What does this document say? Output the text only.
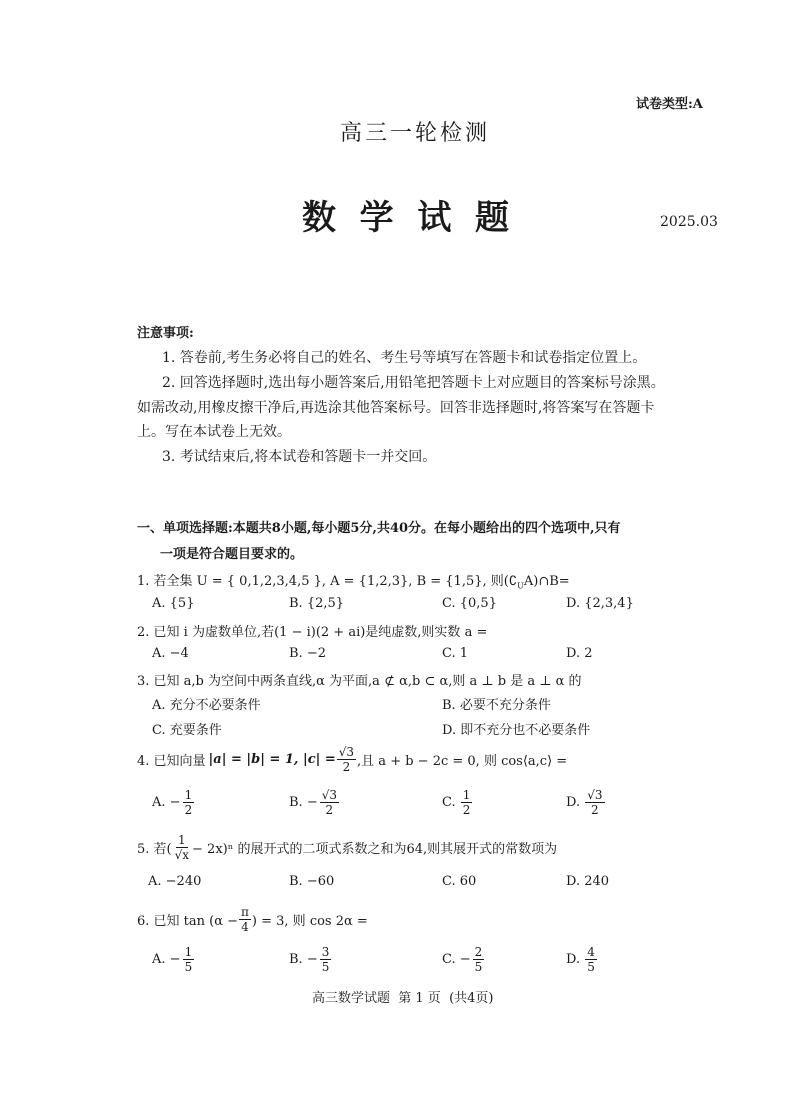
试卷类型:A
高三一轮检测
数  学  试  题	2025.03
注意事项:
1. 答卷前,考生务必将自己的姓名、考生号等填写在答题卡和试卷指定位置上。
2. 回答选择题时,选出每小题答案后,用铅笔把答题卡上对应题目的答案标号涂黑。
如需改动,用橡皮擦干净后,再选涂其他答案标号。回答非选择题时,将答案写在答题卡
上。写在本试卷上无效。
3. 考试结束后,将本试卷和答题卡一并交回。
一、单项选择题:本题共8小题,每小题5分,共40分。在每小题给出的四个选项中,只有
一项是符合题目要求的。
1. 若全集 U = { 0,1,2,3,4,5 }, A = {1,2,3}, B = {1,5}, 则$(∁_UA)\cap B=$
A. {5}	B. {2,5}	C. {0,5}	D. {2,3,4}
2. 已知 i 为虚数单位,若(1 − i)(2 + ai)是纯虚数,则实数 a =
A. −4	B. −2	C. 1	D. 2
3. 已知 a,b 为空间中两条直线,α 为平面,a ⊄ α,b ⊂ α,则 a ⊥ b 是 a ⊥ α 的
A. 充分不必要条件	B. 必要不充分条件
C. 充要条件	D. 即不充分也不必要条件
4. 已知向量 |a| = |b| = 1, $|c| = \frac{√3}{2}$ ,且 a + b − 2c = 0, 则 cos⟨a,c⟩ =
A.
− $\frac{1}{2}$	B.
− $\frac{√3}{2}$	C.
$\frac{1}{2}$	D.
$\frac{√3}{2}$
5. 若( $\frac{1}{√x} - 2x)^n$ 的展开式的二项式系数之和为64,则其展开式的常数项为
A. −240	B. −60	C. 60	D. 240
6. 已知 $\tan (\alpha - \frac{\pi}{4}$ ) = 3, 则 cos 2α =
A.
− $\frac{1}{5}$	B.
− $\frac{3}{5}$	C.
− $\frac{2}{5}$	D.
$\frac{4}{5}$
高三数学试题  第 1 页  (共4页)
